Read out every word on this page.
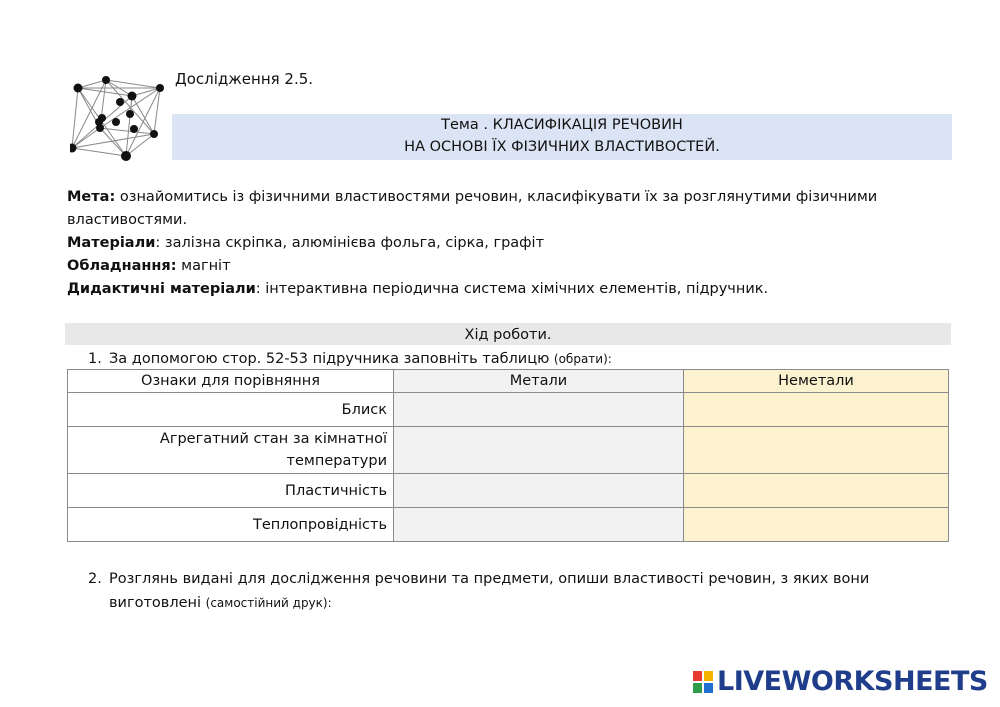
Дослідження 2.5.
Тема . КЛАСИФІКАЦІЯ РЕЧОВИН
НА ОСНОВІ ЇХ ФІЗИЧНИХ ВЛАСТИВОСТЕЙ.

Мета: ознайомитись із фізичними властивостями речовин, класифікувати їх за розглянутими фізичними властивостями.

Матеріали: залізна скріпка, алюмінієва фольга, сірка, графіт

Обладнання: магніт

Дидактичні матеріали: інтерактивна періодична система хімічних елементів, підручник.

Хід роботи.
1. За допомогою стор. 52-53 підручника заповніть таблицю (обрати):
Ознаки для порівняння	Метали	Неметали
Блиск		
Агрегатний стан за кімнатної температури		
Пластичність		
Теплопровідність		
2. Розглянь видані для дослідження речовини та предмети, опиши властивості речовин, з яких вони
виготовлені (самостійний друк):
LIVEWORKSHEETS
